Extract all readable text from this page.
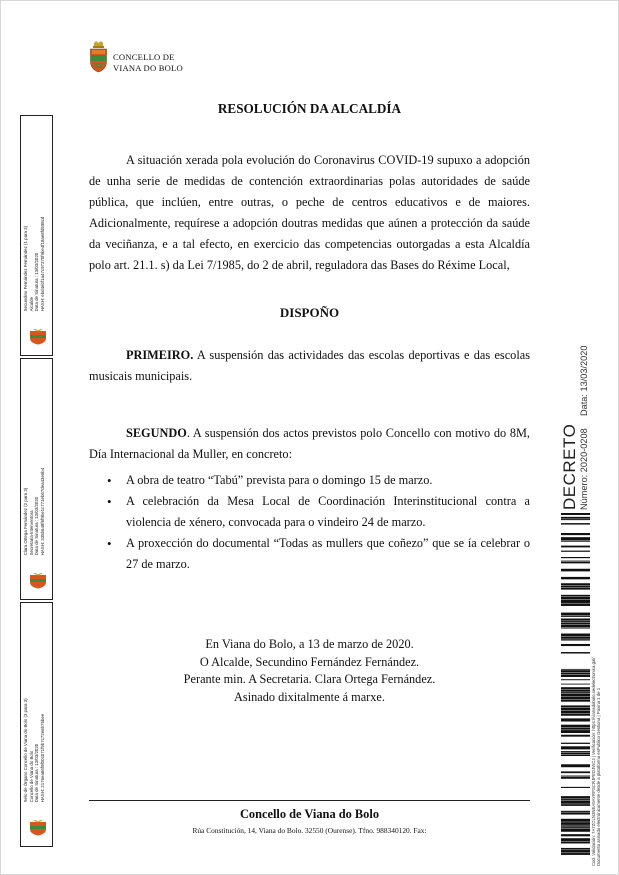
CONCELLO DE
VIANA DO BOLO
RESOLUCIÓN DA ALCALDÍA
A situación xerada pola evolución do Coronavirus COVID-19 supuxo a adopción de unha serie de medidas de contención extraordinarias polas autoridades de saúde pública, que inclúen, entre outras, o peche de centros educativos e de maiores. Adicionalmente, requírese a adopción doutras medidas que aúnen a protección da saúde da veciñanza, e a tal efecto, en exercicio das competencias outorgadas a esta Alcaldía polo art. 21.1. s) da Lei 7/1985, do 2 de abril, reguladora das Bases do Réxime Local,
DISPOÑO
PRIMEIRO. A suspensión das actividades das escolas deportivas e das escolas musicais municipais.
SEGUNDO. A suspensión dos actos previstos polo Concello con motivo do 8M, Día Internacional da Muller, en concreto:
• A obra de teatro “Tabú” prevista para o domingo 15 de marzo.
• A celebración da Mesa Local de Coordinación Interinstitucional contra a violencia de xénero, convocada para o vindeiro 24 de marzo.
• A proxección do documental “Todas as mullers que coñezo” que se ía celebrar o 27 de marzo.
En Viana do Bolo, a 13 de marzo de 2020.
O Alcalde, Secundino Fernández Fernández.
Perante min. A Secretaria. Clara Ortega Fernández.
Asinado dixitalmente á marxe.
Concello de Viana do Bolo
Rúa Constitución, 14, Viana do Bolo. 32550 (Ourense). Tfno. 988340120. Fax:
Secundino Fernández Fernández (1 para 3) Alcalde Data de Sinatura : 13/03/2020 HASH: ebd4ebf1a47c97370f9be4f18ae8fd598cd
Clara Ortega Fernández (2 para 3) Secretaria-Interventora Data de Sinatura : 13/03/2020 HASH: 335b648f6f9be1c771eb67dea43e6b4
Selo de Órgano Concello de Viana do Bolo (3 para 3) Concello de Viana do Bolo Data de Sinatura : 13/03/2020 HASH: 2176ea86f9f00c071f9b7c72e6b76bee
DECRETO Número: 2020-0208
Data: 13/03/2020
Cod. Validación: 7A7ZCLN3NEA9AYRPSCRJPEDJWCJ | Verificación: https://vianadobolo.sedelectronica.gal/ Documento asinado electrónicamente desde a plataforma esPublico Gestiona | Páxina 1 de 1
